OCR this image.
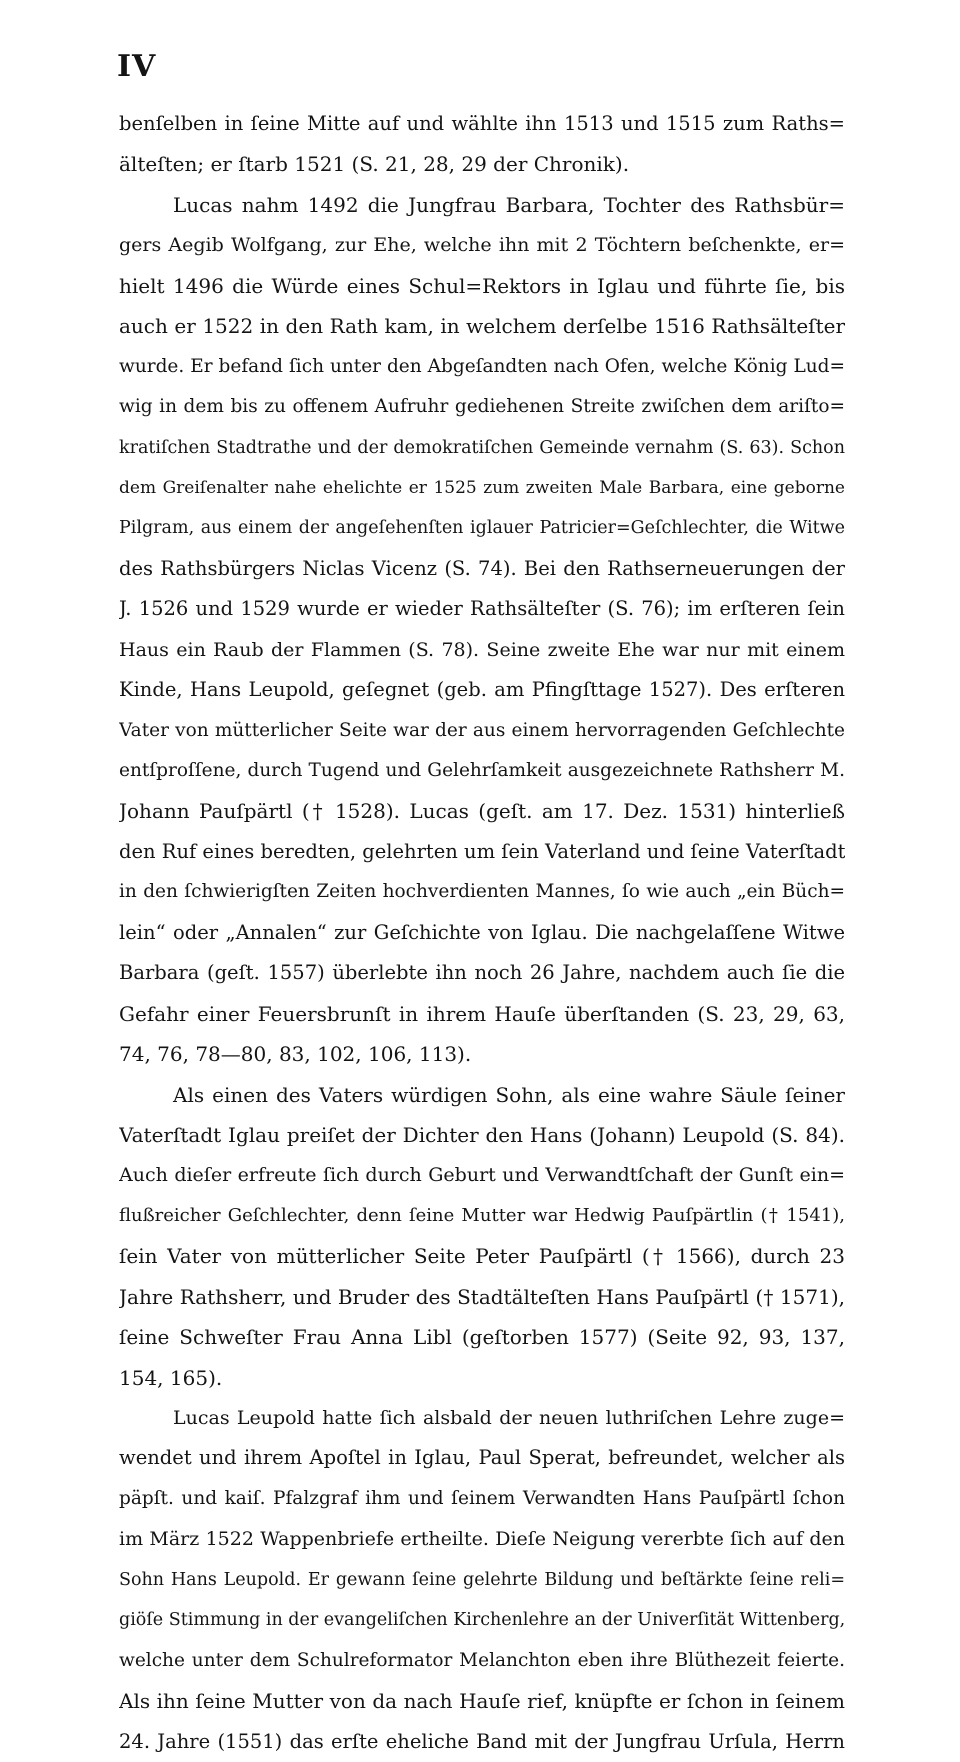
IV
benſelben in ſeine Mitte auf und wählte ihn 1513 und 1515 zum Raths=
älteſten; er ſtarb 1521 (S. 21, 28, 29 der Chronik).
Lucas nahm 1492 die Jungfrau Barbara, Tochter des Rathsbür=
gers Aegib Wolfgang, zur Ehe, welche ihn mit 2 Töchtern beſchenkte, er=
hielt 1496 die Würde eines Schul=Rektors in Iglau und führte ſie, bis
auch er 1522 in den Rath kam, in welchem derſelbe 1516 Rathsälteſter
wurde. Er befand ſich unter den Abgeſandten nach Ofen, welche König Lud=
wig in dem bis zu offenem Aufruhr gediehenen Streite zwiſchen dem ariſto=
kratiſchen Stadtrathe und der demokratiſchen Gemeinde vernahm (S. 63). Schon
dem Greiſenalter nahe ehelichte er 1525 zum zweiten Male Barbara, eine geborne
Pilgram, aus einem der angeſehenſten iglauer Patricier=Geſchlechter, die Witwe
des Rathsbürgers Niclas Vicenz (S. 74). Bei den Rathserneuerungen der
J. 1526 und 1529 wurde er wieder Rathsälteſter (S. 76); im erſteren ſein
Haus ein Raub der Flammen (S. 78). Seine zweite Ehe war nur mit einem
Kinde, Hans Leupold, geſegnet (geb. am Pfingſttage 1527). Des erſteren
Vater von mütterlicher Seite war der aus einem hervorragenden Geſchlechte
entſproſſene, durch Tugend und Gelehrſamkeit ausgezeichnete Rathsherr M.
Johann Pauſpärtl († 1528). Lucas (geſt. am 17. Dez. 1531) hinterließ
den Ruf eines beredten, gelehrten um ſein Vaterland und ſeine Vaterſtadt
in den ſchwierigſten Zeiten hochverdienten Mannes, ſo wie auch „ein Büch=
lein“ oder „Annalen“ zur Geſchichte von Iglau. Die nachgelaſſene Witwe
Barbara (geſt. 1557) überlebte ihn noch 26 Jahre, nachdem auch ſie die
Gefahr einer Feuersbrunſt in ihrem Hauſe überſtanden (S. 23, 29, 63,
74, 76, 78—80, 83, 102, 106, 113).
Als einen des Vaters würdigen Sohn, als eine wahre Säule ſeiner
Vaterſtadt Iglau preiſet der Dichter den Hans (Johann) Leupold (S. 84).
Auch dieſer erfreute ſich durch Geburt und Verwandtſchaft der Gunſt ein=
flußreicher Geſchlechter, denn ſeine Mutter war Hedwig Pauſpärtlin († 1541),
ſein Vater von mütterlicher Seite Peter Pauſpärtl († 1566), durch 23
Jahre Rathsherr, und Bruder des Stadtälteſten Hans Pauſpärtl († 1571),
ſeine Schweſter Frau Anna Libl (geſtorben 1577) (Seite 92, 93, 137,
154, 165).
Lucas Leupold hatte ſich alsbald der neuen luthriſchen Lehre zuge=
wendet und ihrem Apoſtel in Iglau, Paul Sperat, befreundet, welcher als
päpſt. und kaiſ. Pfalzgraf ihm und ſeinem Verwandten Hans Pauſpärtl ſchon
im März 1522 Wappenbriefe ertheilte. Dieſe Neigung vererbte ſich auf den
Sohn Hans Leupold. Er gewann ſeine gelehrte Bildung und beſtärkte ſeine reli=
giöſe Stimmung in der evangeliſchen Kirchenlehre an der Univerſität Wittenberg,
welche unter dem Schulreformator Melanchton eben ihre Blüthezeit feierte.
Als ihn ſeine Mutter von da nach Hauſe rief, knüpfte er ſchon in ſeinem
24. Jahre (1551) das erſte eheliche Band mit der Jungfrau Urſula, Herrn
